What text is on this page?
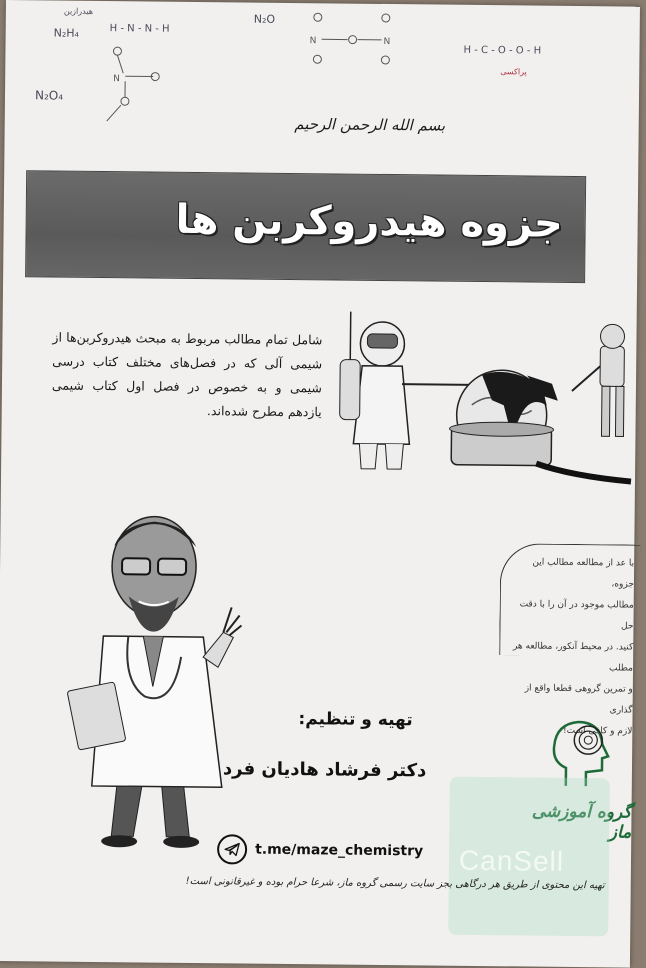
N₂H₄
هیدرازین
H - N - N - H
N₂O
N₂O₄
H - C - O - O - H
پراکسی
N
N	N
بسم الله الرحمن الرحیم
جزوه هیدروکربن ها
شامل تمام مطالب مربوط به مبحث هیدروکربن‌ها از شیمی آلی که در فصل‌های مختلف کتاب درسی شیمی و به خصوص در فصل اول کتاب شیمی یازدهم مطرح شده‌اند.
با عد از مطالعه مطالب این جزوه،
مطالب موجود در آن را با دقت حل
کنید. در محیط آنکور، مطالعه هر مطلب
و تمرین گروهی قطعا واقع از گذاری
لازم و کافی است!
تهیه و تنظیم:
دکتر فرشاد هادیان فرد
t.me/maze_chemistry
گروه آموزشی ماز
CanSell
تهیه این محتوی از طریق هر درگاهی بجز سایت رسمی گروه ماز، شرعا حرام بوده و غیرقانونی است!
